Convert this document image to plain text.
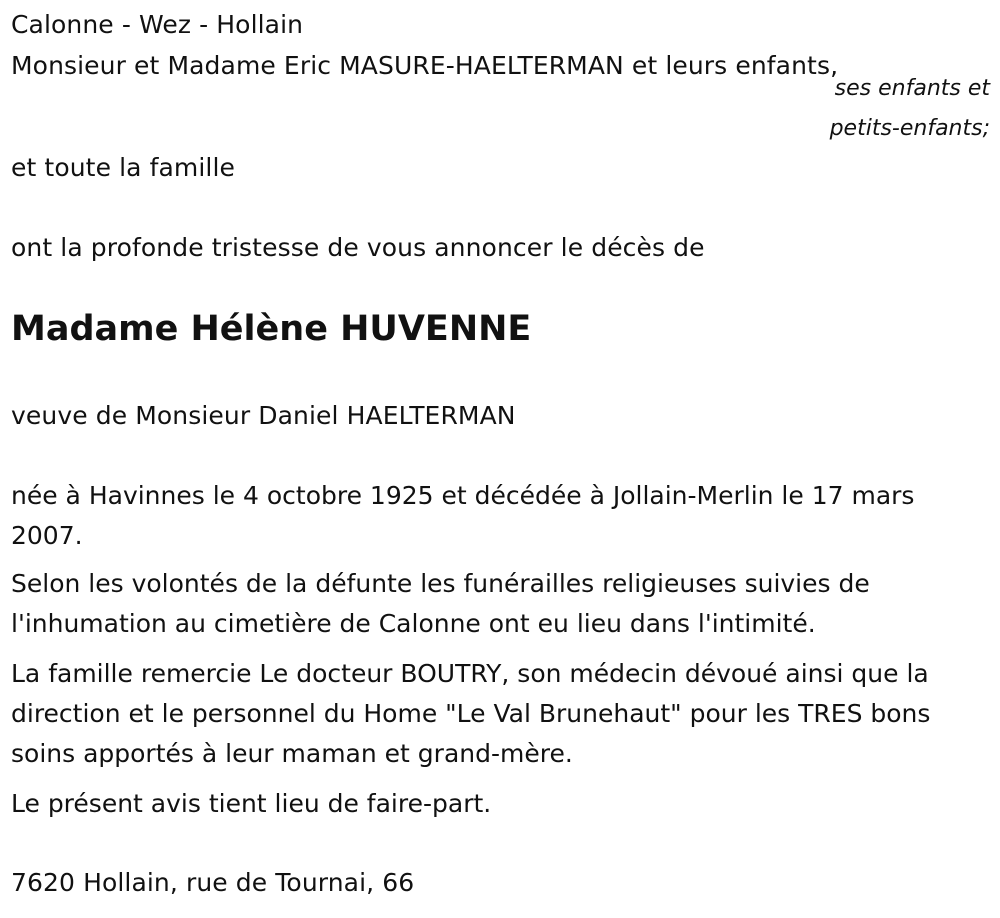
Calonne - Wez - Hollain
Monsieur et Madame Eric MASURE-HAELTERMAN et leurs enfants,
ses enfants et
petits-enfants;
et toute la famille
ont la profonde tristesse de vous annoncer le décès de
Madame Hélène HUVENNE
veuve de Monsieur Daniel HAELTERMAN
née à Havinnes le 4 octobre 1925 et décédée à Jollain-Merlin le 17 mars 2007.
Selon les volontés de la défunte les funérailles religieuses suivies de l'inhumation au cimetière de Calonne ont eu lieu dans l'intimité.
La famille remercie Le docteur BOUTRY, son médecin dévoué ainsi que la direction et le personnel du Home "Le Val Brunehaut" pour les TRES bons soins apportés à leur maman et grand-mère.
Le présent avis tient lieu de faire-part.
7620 Hollain, rue de Tournai, 66
